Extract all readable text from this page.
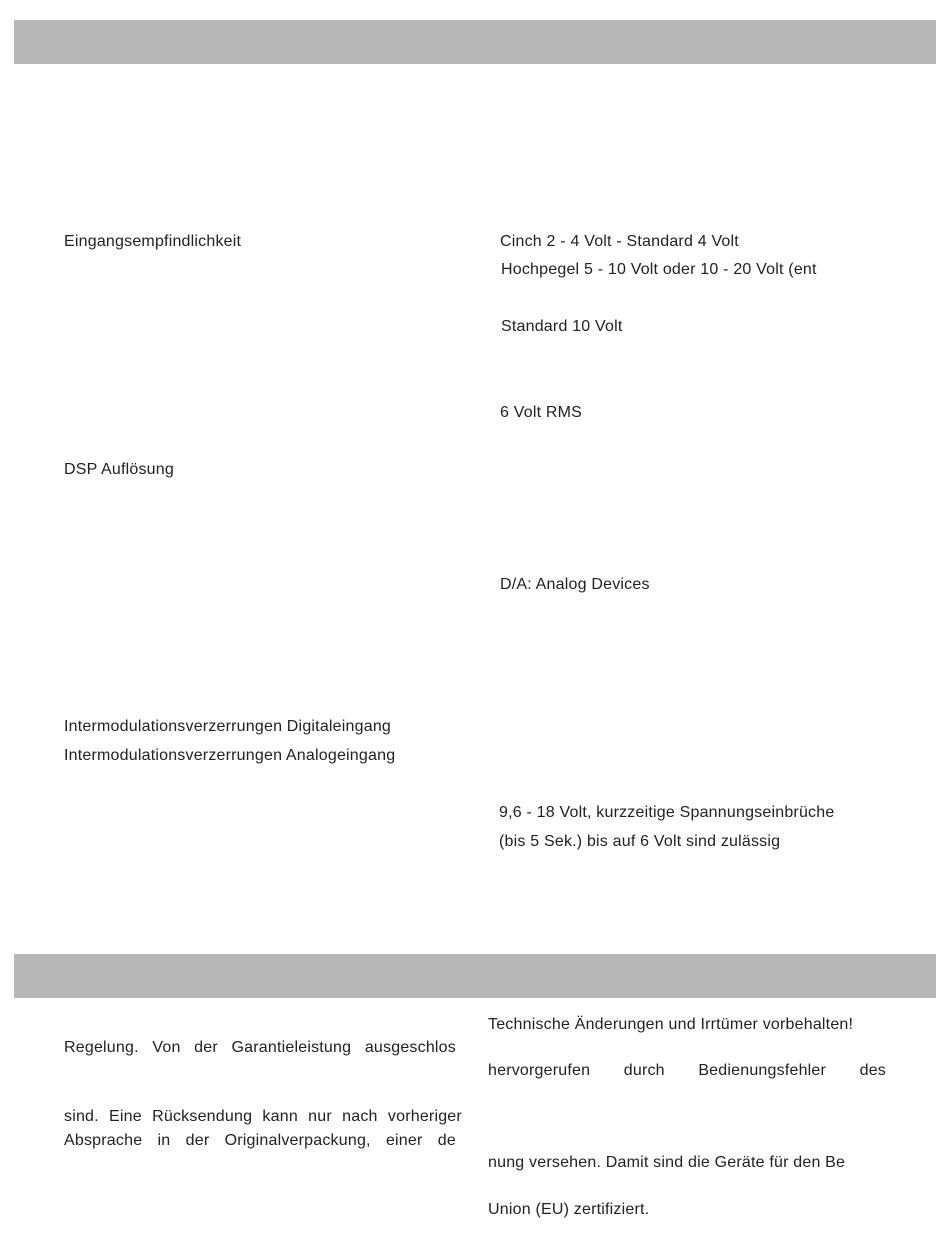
Eingangsempfindlichkeit	Cinch 2 - 4 Volt - Standard 4 Volt
Hochpegel 5 - 10 Volt oder 10 - 20 Volt (ent
Standard 10 Volt
6 Volt RMS
DSP Auflösung
D/A: Analog Devices
Intermodulationsverzerrungen Digitaleingang
Intermodulationsverzerrungen Analogeingang
9,6 - 18 Volt, kurzzeitige Spannungseinbrüche
(bis 5 Sek.) bis auf 6 Volt sind zulässig
Technische Änderungen und Irrtümer vorbehalten!
Regelung. Von der Garantieleistung ausgeschlos
hervorgerufen durch Bedienungsfehler des
sind. Eine Rücksendung kann nur nach vorheriger
Absprache in der Originalverpackung, einer de
nung versehen. Damit sind die Geräte für den Be
Union (EU) zertifiziert.
